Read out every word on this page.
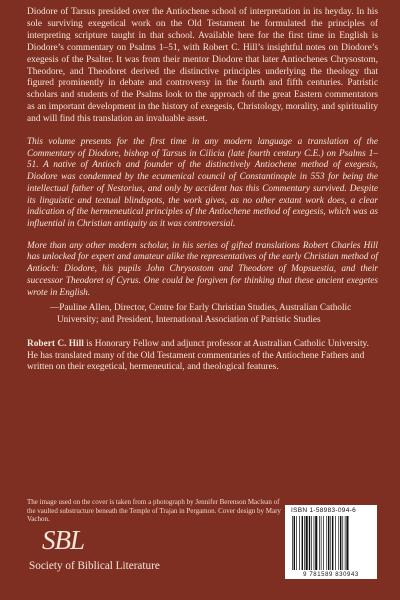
Diodore of Tarsus presided over the Antiochene school of interpretation in its heyday. In his sole surviving exegetical work on the Old Testament he formulated the principles of interpreting scripture taught in that school. Available here for the first time in English is Diodore’s commentary on Psalms 1–51, with Robert C. Hill’s insightful notes on Diodore’s exegesis of the Psalter. It was from their mentor Diodore that later Antiochenes Chrysostom, Theodore, and Theodoret derived the distinctive principles underlying the theology that figured prominently in debate and controversy in the fourth and fifth centuries. Patristic scholars and students of the Psalms look to the approach of the great Eastern commentators as an important development in the history of exegesis, Christology, morality, and spirituality and will find this translation an invaluable asset.

This volume presents for the first time in any modern language a translation of the Commentary of Diodore, bishop of Tarsus in Cilicia (late fourth century C.E.) on Psalms 1–51. A native of Antioch and founder of the distinctively Antiochene method of exegesis, Diodore was condemned by the ecumenical council of Constantinople in 553 for being the intellectual father of Nestorius, and only by accident has this Commentary survived. Despite its linguistic and textual blindspots, the work gives, as no other extant work does, a clear indication of the hermeneutical principles of the Antiochene method of exegesis, which was as influential in Christian antiquity as it was controversial.

More than any other modern scholar, in his series of gifted translations Robert Charles Hill has unlocked for expert and amateur alike the representatives of the early Christian method of Antioch: Diodore, his pupils John Chrysostom and Theodore of Mopsuestia, and their successor Theodoret of Cyrus. One could be forgiven for thinking that these ancient exegetes wrote in English.

—Pauline Allen, Director, Centre for Early Christian Studies, Australian Catholic University; and President, International Association of Patristic Studies

Robert C. Hill is Honorary Fellow and adjunct professor at Australian Catholic University. He has translated many of the Old Testament commentaries of the Antiochene Fathers and written on their exegetical, hermeneutical, and theological features.

The image used on the cover is taken from a photograph by Jennifer Berenson Maclean of the vaulted substructure beneath the Temple of Trajan in Pergamon. Cover design by Mary Vachon.

ISBN 1-58983-094-6
9 781589 830943
SBL
Society of Biblical Literature
